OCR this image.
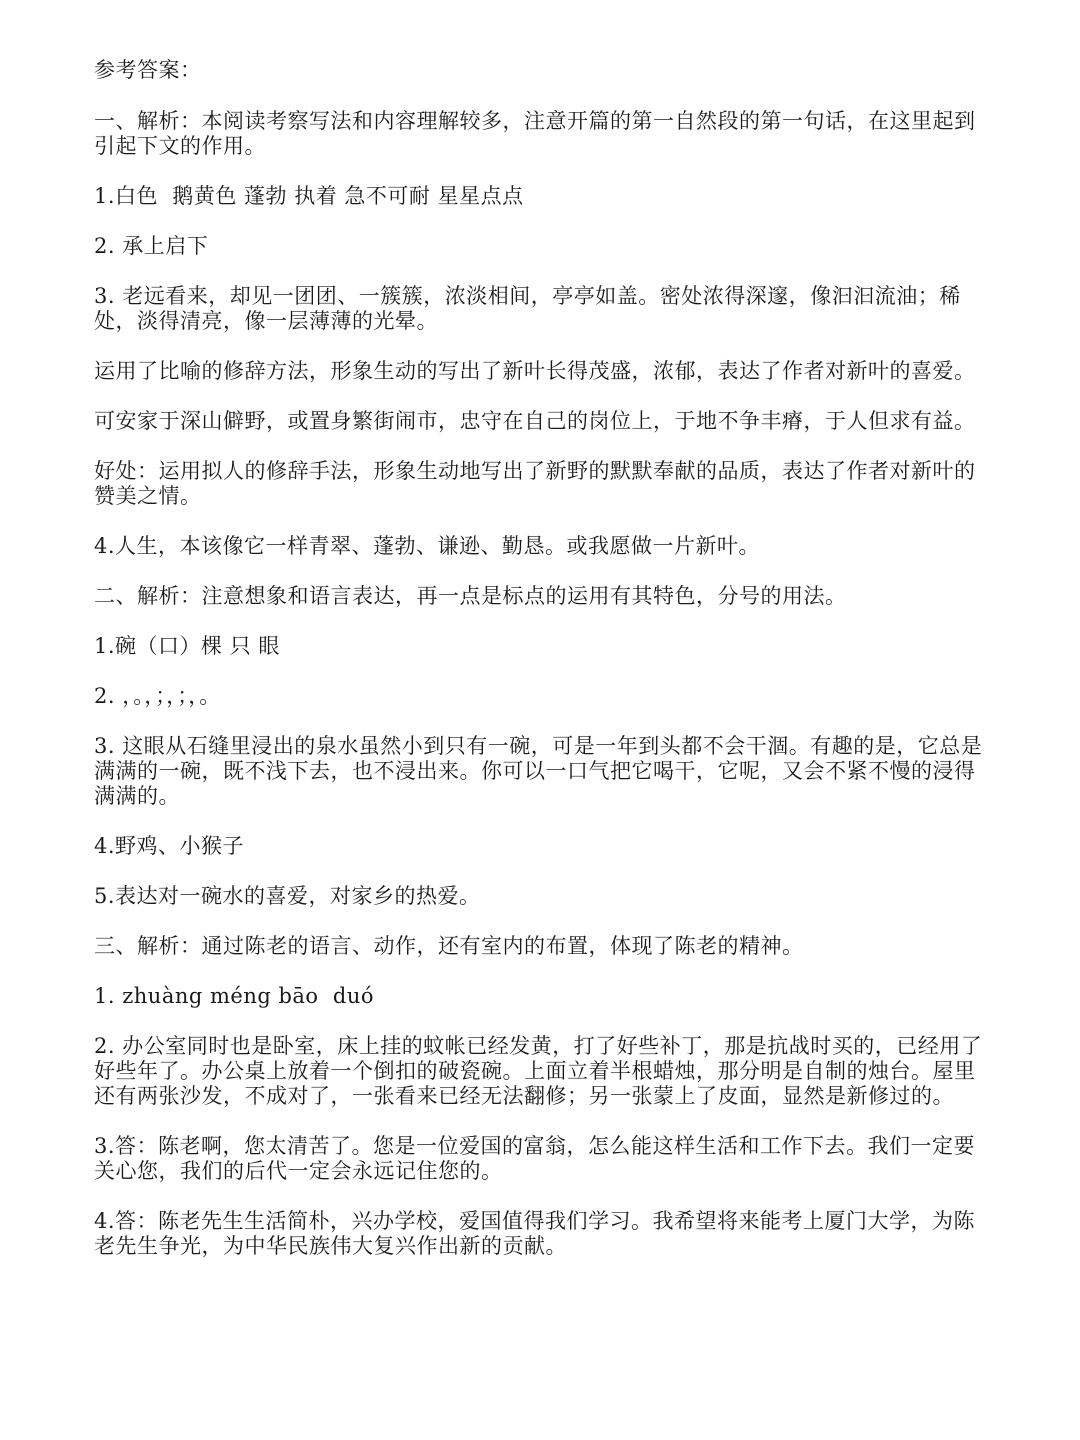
参考答案：

一、解析：本阅读考察写法和内容理解较多，注意开篇的第一自然段的第一句话，在这里起到引起下文的作用。

1.白色  鹅黄色 蓬勃 执着 急不可耐 星星点点

2. 承上启下

3. 老远看来，却见一团团、一簇簇，浓淡相间，亭亭如盖。密处浓得深邃，像汩汩流油；稀处，淡得清亮，像一层薄薄的光晕。

运用了比喻的修辞方法，形象生动的写出了新叶长得茂盛，浓郁，表达了作者对新叶的喜爱。

可安家于深山僻野，或置身繁街闹市，忠守在自己的岗位上，于地不争丰瘠，于人但求有益。

好处：运用拟人的修辞手法，形象生动地写出了新野的默默奉献的品质，表达了作者对新叶的赞美之情。

4.人生，本该像它一样青翠、蓬勃、谦逊、勤恳。或我愿做一片新叶。

二、解析：注意想象和语言表达，再一点是标点的运用有其特色，分号的用法。

1.碗（口）棵 只 眼

2. ，。，；，；，。

3. 这眼从石缝里浸出的泉水虽然小到只有一碗，可是一年到头都不会干涸。有趣的是，它总是满满的一碗，既不浅下去，也不浸出来。你可以一口气把它喝干，它呢，又会不紧不慢的浸得满满的。

4.野鸡、小猴子

5.表达对一碗水的喜爱，对家乡的热爱。

三、解析：通过陈老的语言、动作，还有室内的布置，体现了陈老的精神。

1. zhuàng méng bāo  duó

2. 办公室同时也是卧室，床上挂的蚊帐已经发黄，打了好些补丁，那是抗战时买的，已经用了好些年了。办公桌上放着一个倒扣的破瓷碗。上面立着半根蜡烛，那分明是自制的烛台。屋里还有两张沙发，不成对了，一张看来已经无法翻修；另一张蒙上了皮面，显然是新修过的。

3.答：陈老啊，您太清苦了。您是一位爱国的富翁，怎么能这样生活和工作下去。我们一定要关心您，我们的后代一定会永远记住您的。

4.答：陈老先生生活简朴，兴办学校，爱国值得我们学习。我希望将来能考上厦门大学，为陈老先生争光，为中华民族伟大复兴作出新的贡献。
